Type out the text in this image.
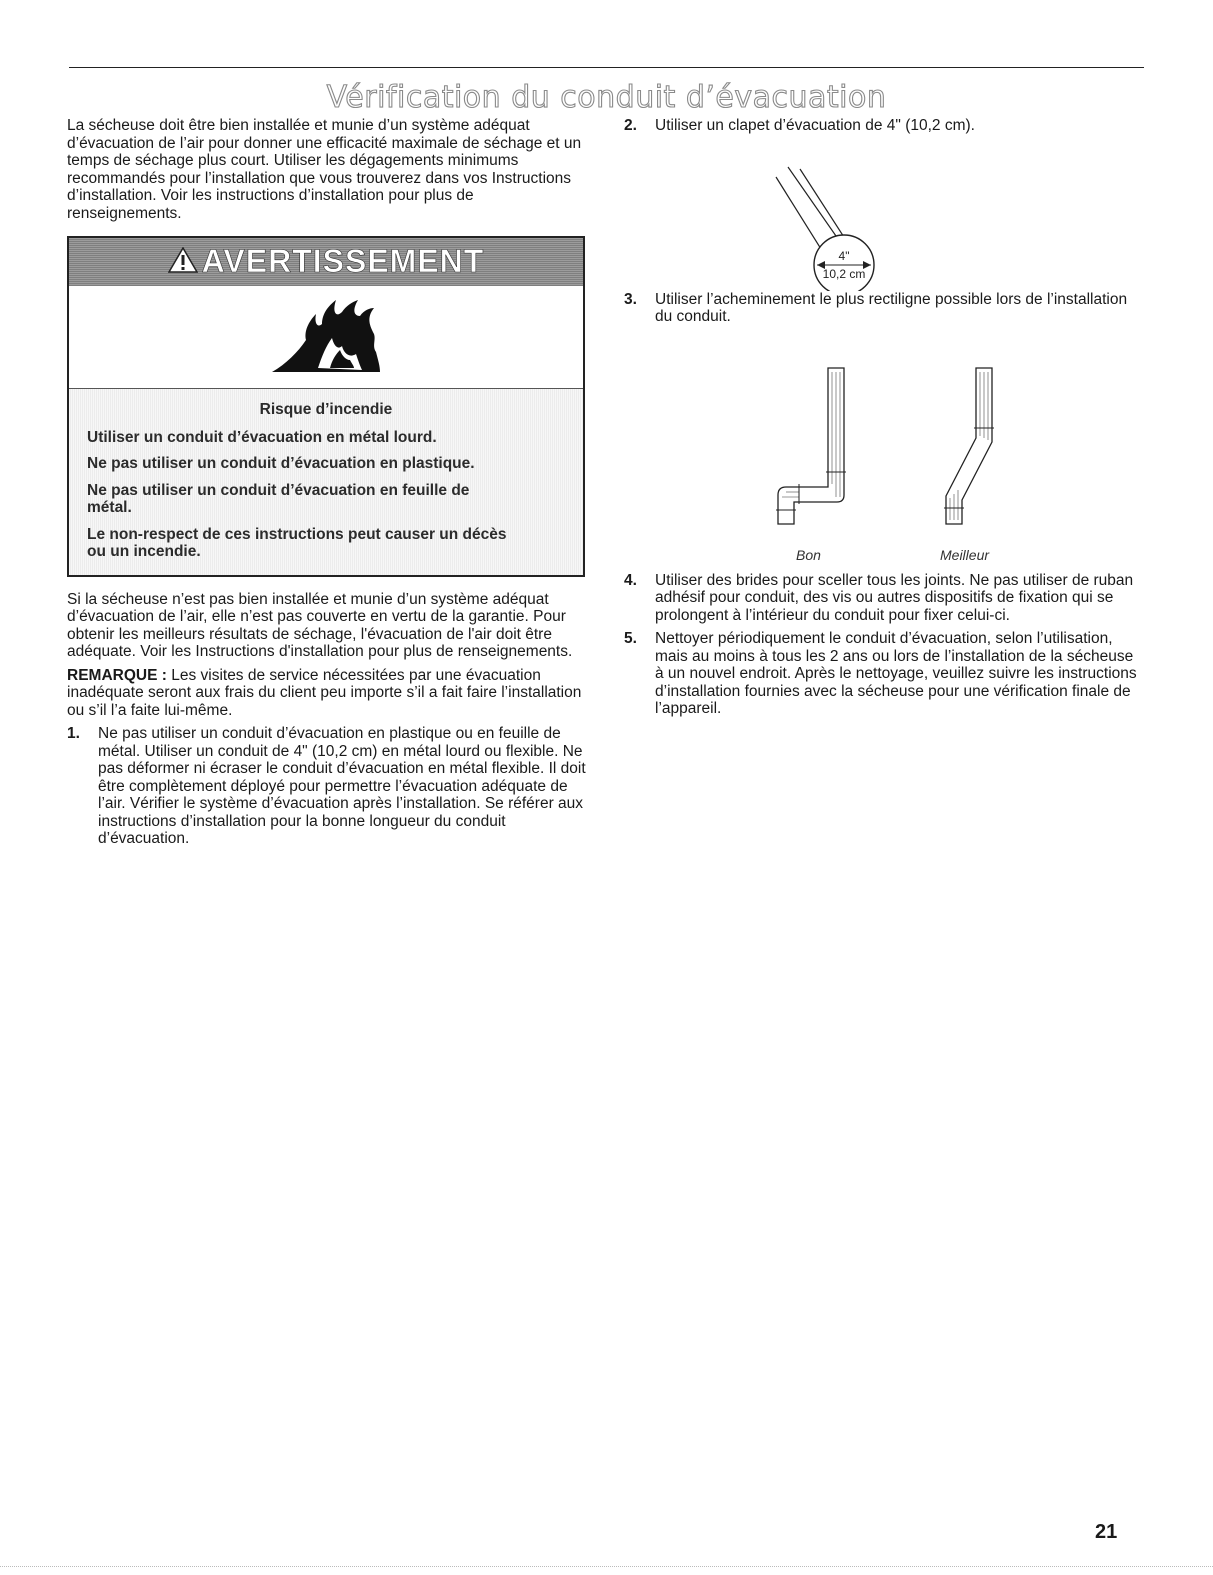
Vérification du conduit d’évacuation

La sécheuse doit être bien installée et munie d’un système adéquat d’évacuation de l’air pour donner une efficacité maximale de séchage et un temps de séchage plus court. Utiliser les dégagements minimums recommandés pour l’installation que vous trouverez dans vos Instructions d’installation. Voir les instructions d’installation pour plus de renseignements.

AVERTISSEMENT
Risque d’incendie
Utiliser un conduit d’évacuation en métal lourd.
Ne pas utiliser un conduit d’évacuation en plastique.
Ne pas utiliser un conduit d’évacuation en feuille de métal.
Le non-respect de ces instructions peut causer un décès ou un incendie.

Si la sécheuse n’est pas bien installée et munie d’un système adéquat d’évacuation de l’air, elle n’est pas couverte en vertu de la garantie. Pour obtenir les meilleurs résultats de séchage, l'évacuation de l'air doit être adéquate. Voir les Instructions d'installation pour plus de renseignements.

REMARQUE : Les visites de service nécessitées par une évacuation inadéquate seront aux frais du client peu importe s’il a fait faire l’installation ou s’il l’a faite lui-même.

1. Ne pas utiliser un conduit d’évacuation en plastique ou en feuille de métal. Utiliser un conduit de 4" (10,2 cm) en métal lourd ou flexible. Ne pas déformer ni écraser le conduit d’évacuation en métal flexible. Il doit être complètement déployé pour permettre l’évacuation adéquate de l’air. Vérifier le système d’évacuation après l’installation. Se référer aux instructions d’installation pour la bonne longueur du conduit d’évacuation.
2. Utiliser un clapet d’évacuation de 4" (10,2 cm).
4"
10,2 cm
3. Utiliser l’acheminement le plus rectiligne possible lors de l’installation du conduit.
Bon	Meilleur
4. Utiliser des brides pour sceller tous les joints. Ne pas utiliser de ruban adhésif pour conduit, des vis ou autres dispositifs de fixation qui se prolongent à l’intérieur du conduit pour fixer celui-ci.
5. Nettoyer périodiquement le conduit d’évacuation, selon l’utilisation, mais au moins à tous les 2 ans ou lors de l’installation de la sécheuse à un nouvel endroit. Après le nettoyage, veuillez suivre les instructions d’installation fournies avec la sécheuse pour une vérification finale de l’appareil.
21
